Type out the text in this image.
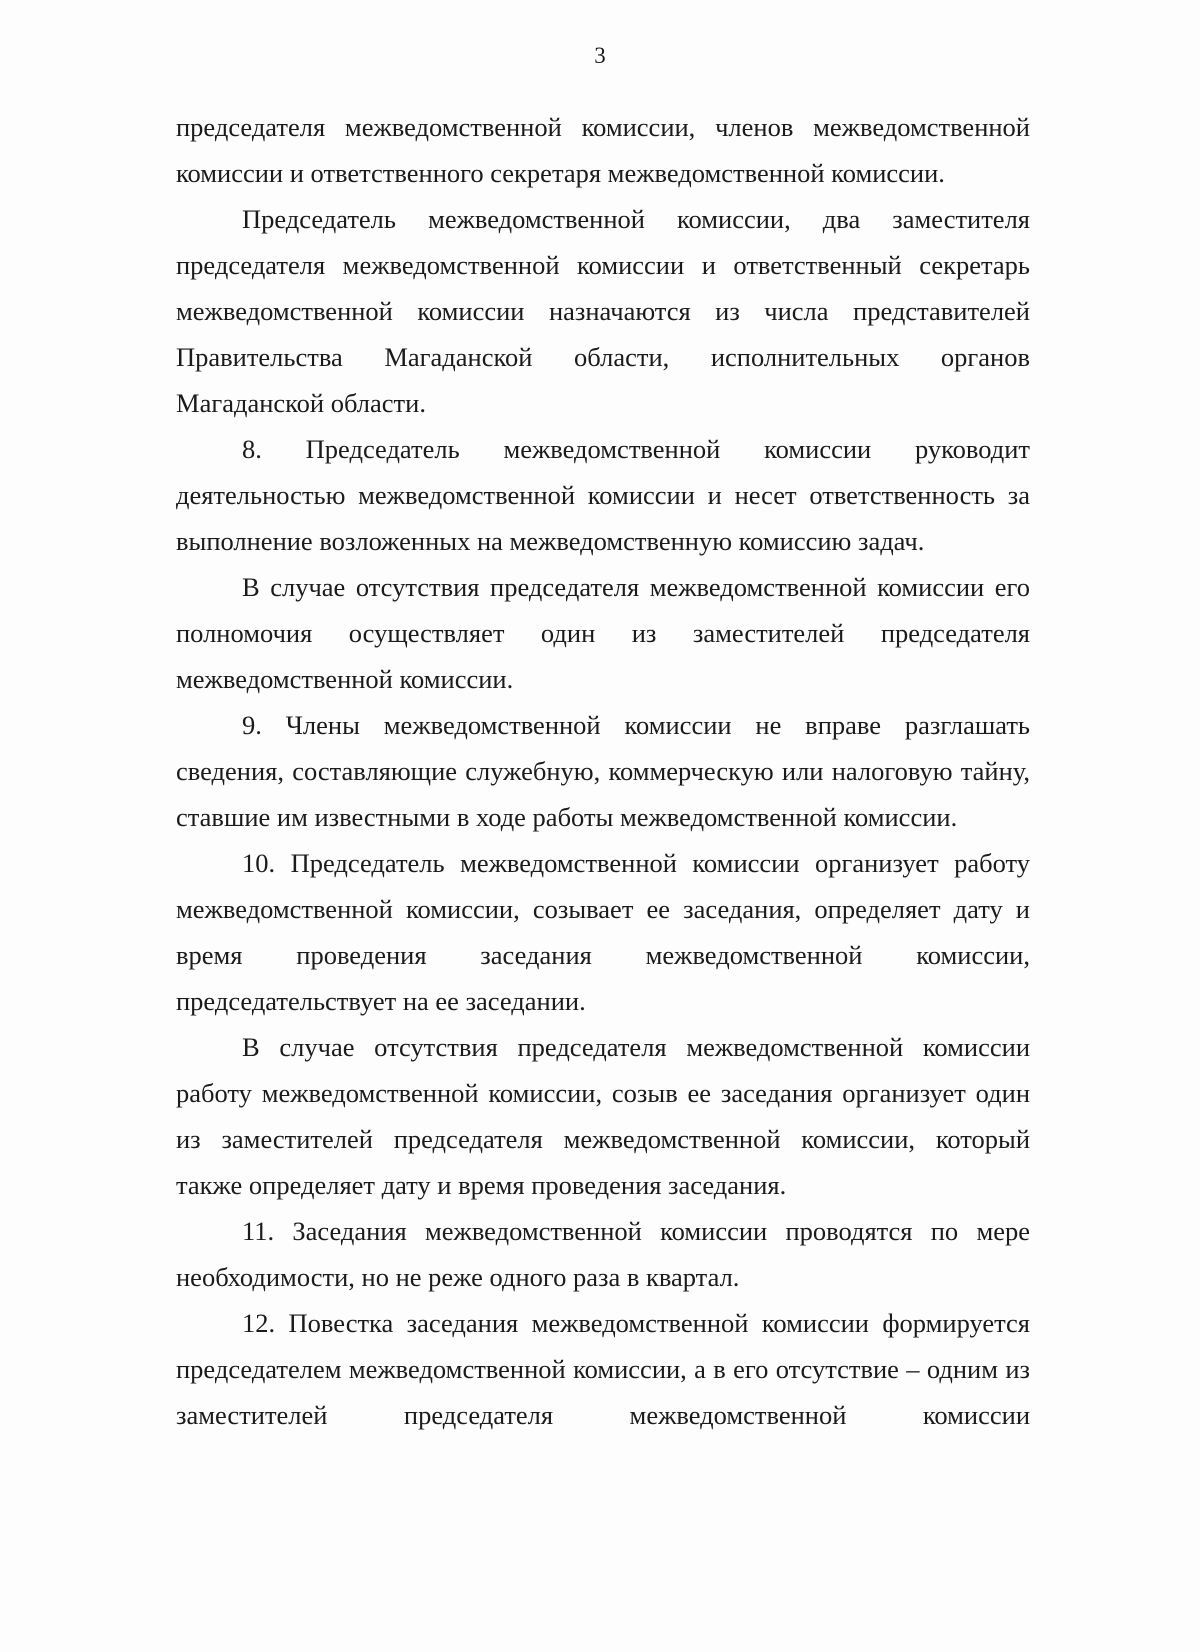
3

председателя межведомственной комиссии, членов межведомственной комиссии и ответственного секретаря межведомственной комиссии.

Председатель межведомственной комиссии, два заместителя председателя межведомственной комиссии и ответственный секретарь межведомственной комиссии назначаются из числа представителей Правительства Магаданской области, исполнительных органов Магаданской области.

8. Председатель межведомственной комиссии руководит деятельностью межведомственной комиссии и несет ответственность за выполнение возложенных на межведомственную комиссию задач.

В случае отсутствия председателя межведомственной комиссии его полномочия осуществляет один из заместителей председателя межведомственной комиссии.

9. Члены межведомственной комиссии не вправе разглашать сведения, составляющие служебную, коммерческую или налоговую тайну, ставшие им известными в ходе работы межведомственной комиссии.

10. Председатель межведомственной комиссии организует работу межведомственной комиссии, созывает ее заседания, определяет дату и время проведения заседания межведомственной комиссии, председательствует на ее заседании.

В случае отсутствия председателя межведомственной комиссии работу межведомственной комиссии, созыв ее заседания организует один из заместителей председателя межведомственной комиссии, который также определяет дату и время проведения заседания.

11. Заседания межведомственной комиссии проводятся по мере необходимости, но не реже одного раза в квартал.

12. Повестка заседания межведомственной комиссии формируется председателем межведомственной комиссии, а в его отсутствие – одним из заместителей председателя межведомственной комиссии
